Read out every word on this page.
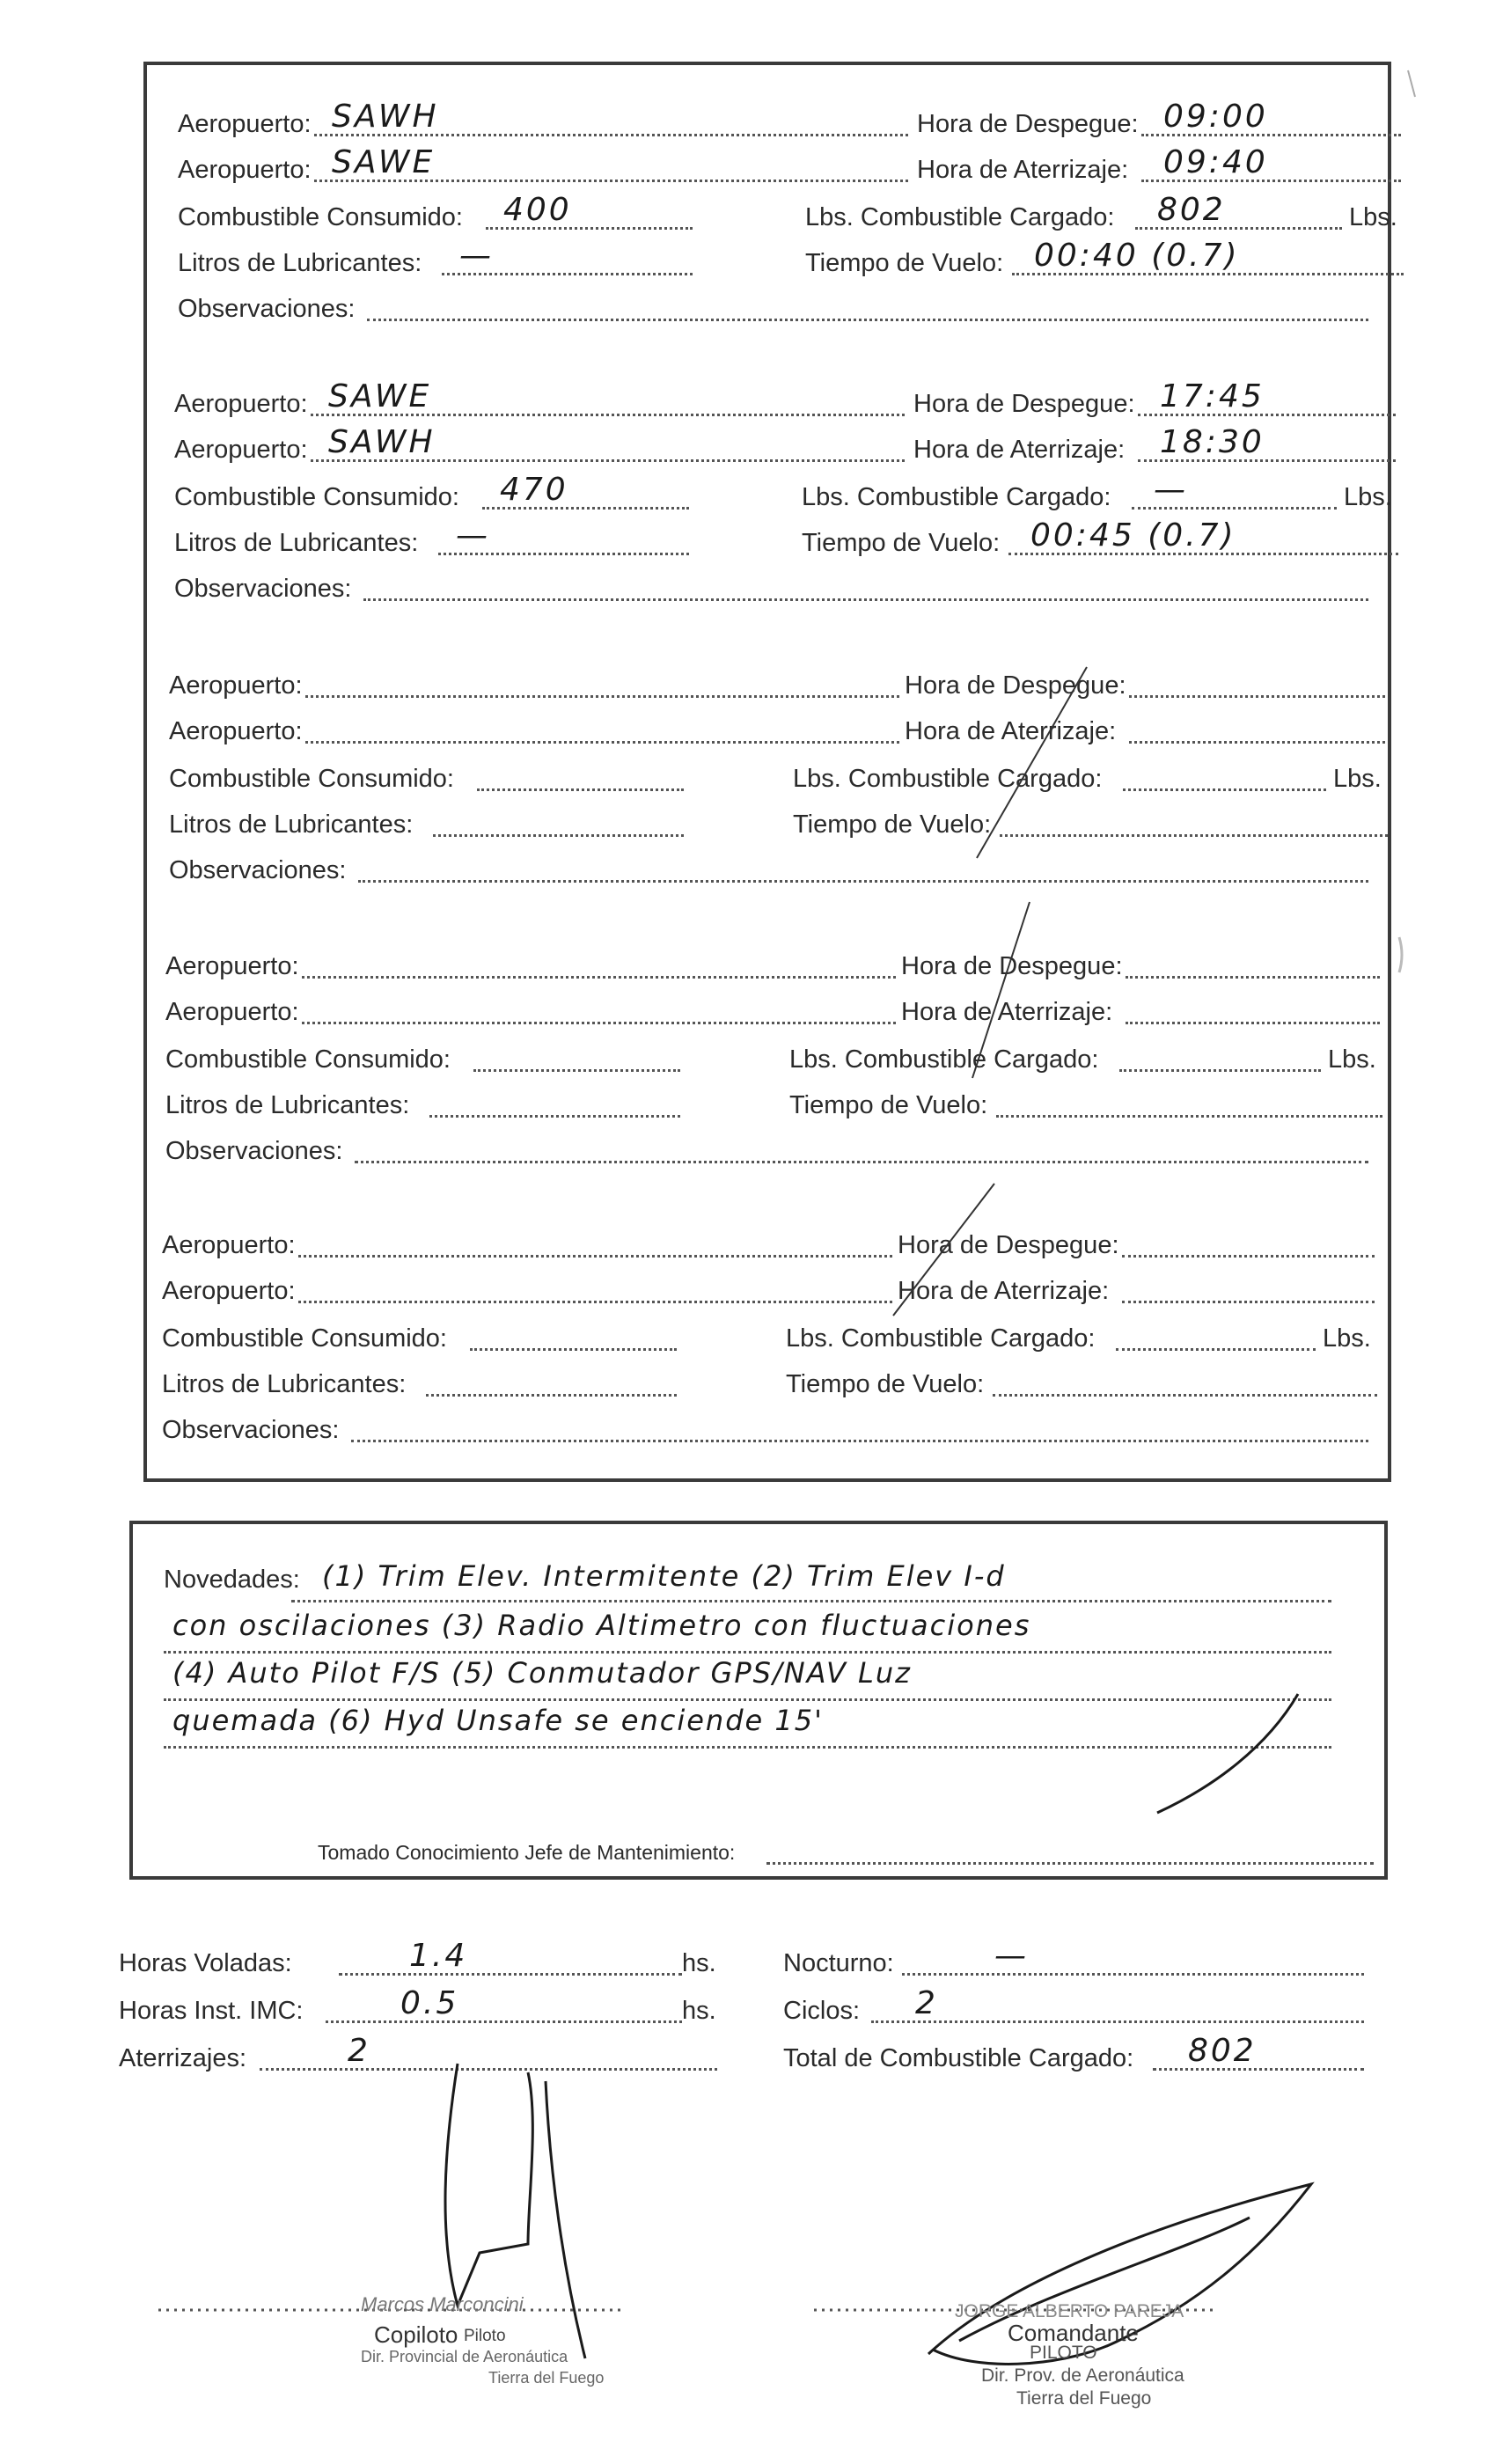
Aeropuerto: SAWH	Hora de Despegue: 09:00
Aeropuerto: SAWE	Hora de Aterrizaje: 09:40
Combustible Consumido: 400	Lbs. Combustible Cargado: 802	Lbs.
Litros de Lubricantes: —	Tiempo de Vuelo: 00:40 (0.7)
Observaciones:
Aeropuerto: SAWE	Hora de Despegue: 17:45
Aeropuerto: SAWH	Hora de Aterrizaje: 18:30
Combustible Consumido: 470	Lbs. Combustible Cargado: —	Lbs.
Litros de Lubricantes: —	Tiempo de Vuelo: 00:45 (0.7)
Observaciones:
Aeropuerto:	Hora de Despegue:
Aeropuerto:	Hora de Aterrizaje:
Combustible Consumido:	Lbs. Combustible Cargado:	Lbs.
Litros de Lubricantes:	Tiempo de Vuelo:
Observaciones:
Aeropuerto:	Hora de Despegue:
Aeropuerto:	Hora de Aterrizaje:
Combustible Consumido:	Lbs. Combustible Cargado:	Lbs.
Litros de Lubricantes:	Tiempo de Vuelo:
Observaciones:
Aeropuerto:	Hora de Despegue:
Aeropuerto:	Hora de Aterrizaje:
Combustible Consumido:	Lbs. Combustible Cargado:	Lbs.
Litros de Lubricantes:	Tiempo de Vuelo:
Observaciones:
Novedades: (1) Trim Elev. Intermitente (2) Trim Elev I-d
con oscilaciones (3) Radio Altimetro con fluctuaciones
(4) Auto Pilot F/S (5) Conmutador GPS/NAV Luz
quemada (6) Hyd Unsafe se enciende 15'
Tomado Conocimiento Jefe de Mantenimiento:
Horas Voladas:	1.4	hs.
Horas Inst. IMC:	0.5	hs.
Aterrizajes:	2
Nocturno:	—
Ciclos: 2
Total de Combustible Cargado: 802
Marcos Marconcini
Copiloto Piloto
Dir. Provincial de Aeronáutica
Tierra del Fuego
JORGE ALBERTO PAREJA
Comandante
PILOTO
Dir. Prov. de Aeronáutica
Tierra del Fuego
